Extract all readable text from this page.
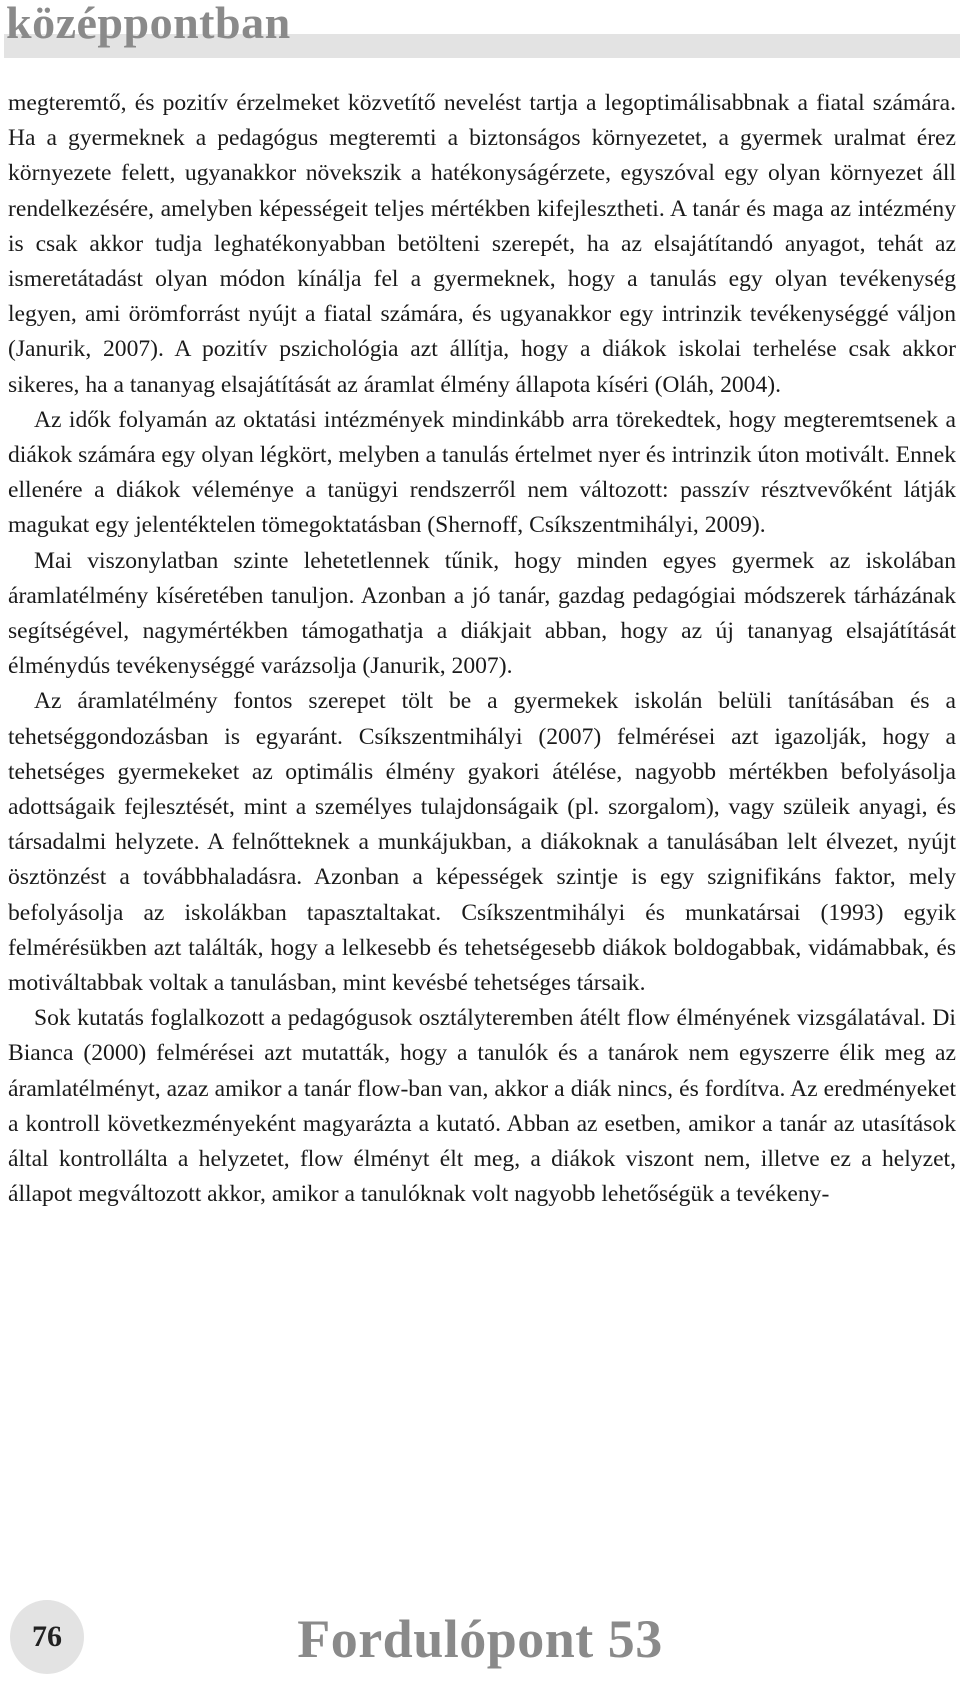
középpontban

megteremtő, és pozitív érzelmeket közvetítő nevelést tartja a legoptimálisabbnak a fiatal számára. Ha a gyermeknek a pedagógus megteremti a biztonságos környezetet, a gyermek uralmat érez környezete felett, ugyanakkor növekszik a hatékonyságérzete, egyszóval egy olyan környezet áll rendelkezésére, amelyben képességeit teljes mértékben kifejlesztheti. A tanár és maga az intézmény is csak akkor tudja leghatékonyabban betölteni szerepét, ha az elsajátítandó anyagot, tehát az ismeretátadást olyan módon kínálja fel a gyermeknek, hogy a tanulás egy olyan tevékenység legyen, ami örömforrást nyújt a fiatal számára, és ugyanakkor egy intrinzik tevékenységgé váljon (Janurik, 2007). A pozitív pszichológia azt állítja, hogy a diákok iskolai terhelése csak akkor sikeres, ha a tananyag elsajátítását az áramlat élmény állapota kíséri (Oláh, 2004).

Az idők folyamán az oktatási intézmények mindinkább arra törekedtek, hogy megteremtsenek a diákok számára egy olyan légkört, melyben a tanulás értelmet nyer és intrinzik úton motivált. Ennek ellenére a diákok véleménye a tanügyi rendszerről nem változott: passzív résztvevőként látják magukat egy jelentéktelen tömegoktatásban (Shernoff, Csíkszentmihályi, 2009).

Mai viszonylatban szinte lehetetlennek tűnik, hogy minden egyes gyermek az iskolában áramlatélmény kíséretében tanuljon. Azonban a jó tanár, gazdag pedagógiai módszerek tárházának segítségével, nagymértékben támogathatja a diákjait abban, hogy az új tananyag elsajátítását élménydús tevékenységgé varázsolja (Janurik, 2007).

Az áramlatélmény fontos szerepet tölt be a gyermekek iskolán belüli tanításában és a tehetséggondozásban is egyaránt. Csíkszentmihályi (2007) felmérései azt igazolják, hogy a tehetséges gyermekeket az optimális élmény gyakori átélése, nagyobb mértékben befolyásolja adottságaik fejlesztését, mint a személyes tulajdonságaik (pl. szorgalom), vagy szüleik anyagi, és társadalmi helyzete. A felnőtteknek a munkájukban, a diákoknak a tanulásában lelt élvezet, nyújt ösztönzést a továbbhaladásra. Azonban a képességek szintje is egy szignifikáns faktor, mely befolyásolja az iskolákban tapasztaltakat. Csíkszentmihályi és munkatársai (1993) egyik felmérésükben azt találták, hogy a lelkesebb és tehetségesebb diákok boldogabbak, vidámabbak, és motiváltabbak voltak a tanulásban, mint kevésbé tehetséges társaik.

Sok kutatás foglalkozott a pedagógusok osztályteremben átélt flow élményének vizsgálatával. Di Bianca (2000) felmérései azt mutatták, hogy a tanulók és a tanárok nem egyszerre élik meg az áramlatélményt, azaz amikor a tanár flow-ban van, akkor a diák nincs, és fordítva. Az eredményeket a kontroll következményeként magyarázta a kutató. Abban az esetben, amikor a tanár az utasítások által kontrollálta a helyzetet, flow élményt élt meg, a diákok viszont nem, illetve ez a helyzet, állapot megváltozott akkor, amikor a tanulóknak volt nagyobb lehetőségük a tevékeny-

76	Fordulópont 53
